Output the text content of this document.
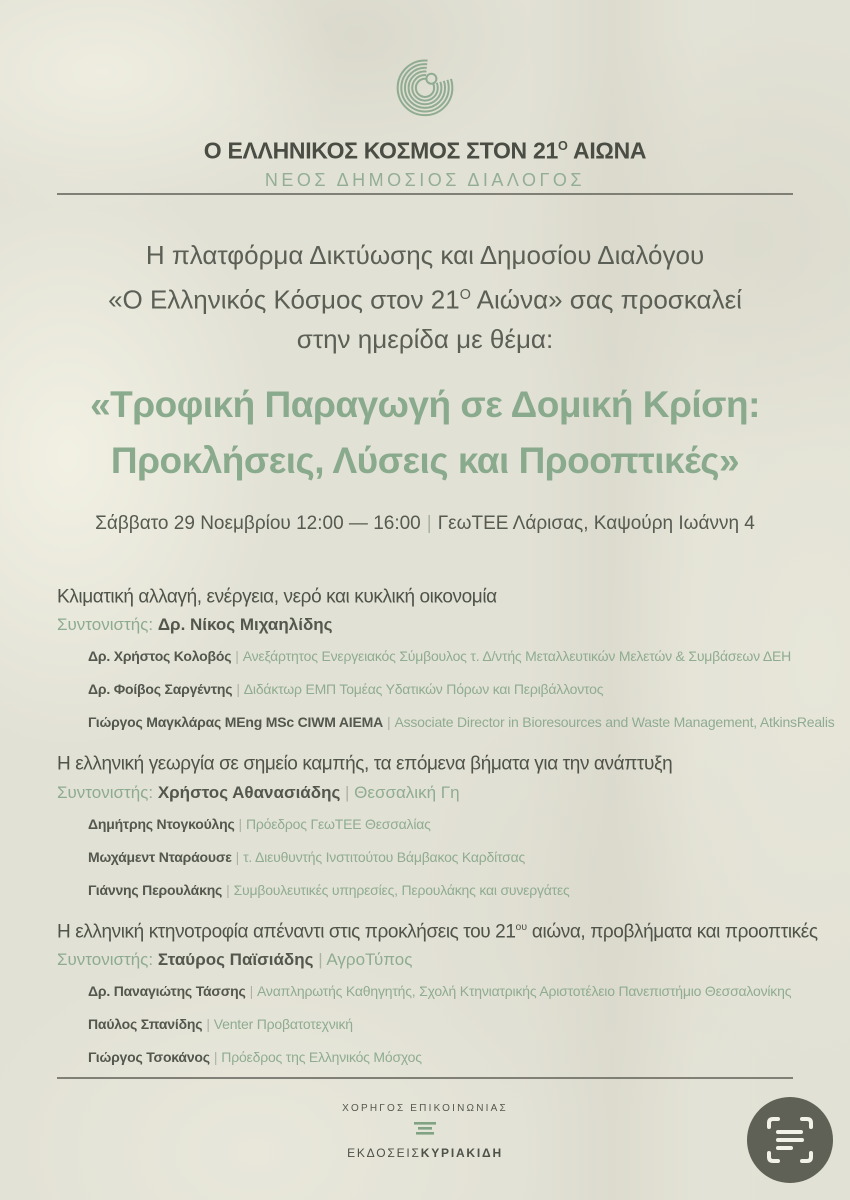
Ο ΕΛΛΗΝΙΚΟΣ ΚΟΣΜΟΣ ΣΤΟΝ $21^O$ ΑΙΩΝΑ
ΝΕΟΣ ΔΗΜΟΣΙΟΣ ΔΙΑΛΟΓΟΣ

Η πλατφόρμα Δικτύωσης και Δημοσίου Διαλόγου

«Ο Ελληνικός Κόσμος στον $21^O$ Αιώνα» σας προσκαλεί

στην ημερίδα με θέμα:

«Τροφική Παραγωγή σε Δομική Κρίση:

Προκλήσεις, Λύσεις και Προοπτικές»

Σάββατο 29 Νοεμβρίου 12:00 — 16:00 | ΓεωΤΕΕ Λάρισας, Καψούρη Ιωάννη 4
Κλιματική αλλαγή, ενέργεια, νερό και κυκλική οικονομία
Συντονιστής: Δρ. Νίκος Μιχαηλίδης
Δρ. Χρήστος Κολοβός | Ανεξάρτητος Ενεργειακός Σύμβουλος τ. Δ/ντής Μεταλλευτικών Μελετών & Συμβάσεων ΔΕΗ
Δρ. Φοίβος Σαργέντης | Διδάκτωρ ΕΜΠ Τομέας Υδατικών Πόρων και Περιβάλλοντος
Γιώργος Μαγκλάρας MEng MSc CIWM AIEMA | Associate Director in Bioresources and Waste Management, AtkinsRealis
Η ελληνική γεωργία σε σημείο καμπής, τα επόμενα βήματα για την ανάπτυξη
Συντονιστής: Χρήστος Αθανασιάδης | Θεσσαλική Γη
Δημήτρης Ντογκούλης | Πρόεδρος ΓεωΤΕΕ Θεσσαλίας
Μωχάμεντ Νταράουσε | τ. Διευθυντής Ινστιτούτου Βάμβακος Καρδίτσας
Γιάννης Περουλάκης | Συμβουλευτικές υπηρεσίες, Περουλάκης και συνεργάτες
Η ελληνική κτηνοτροφία απέναντι στις προκλήσεις του $21^{o\upsilon}$ αιώνα, προβλήματα και προοπτικές
Συντονιστής: Σταύρος Παϊσιάδης | ΑγροΤύπος
Δρ. Παναγιώτης Τάσσης | Αναπληρωτής Καθηγητής, Σχολή Κτηνιατρικής Αριστοτέλειο Πανεπιστήμιο Θεσσαλονίκης
Παύλος Σπανίδης | Venter Προβατοτεχνική
Γιώργος Τσοκάνος | Πρόεδρος της Ελληνικός Μόσχος
ΧΟΡΗΓΟΣ ΕΠΙΚΟΙΝΩΝΙΑΣ
ΕΚΔΟΣΕΙΣΚΥΡΙΑΚΙΔΗ
